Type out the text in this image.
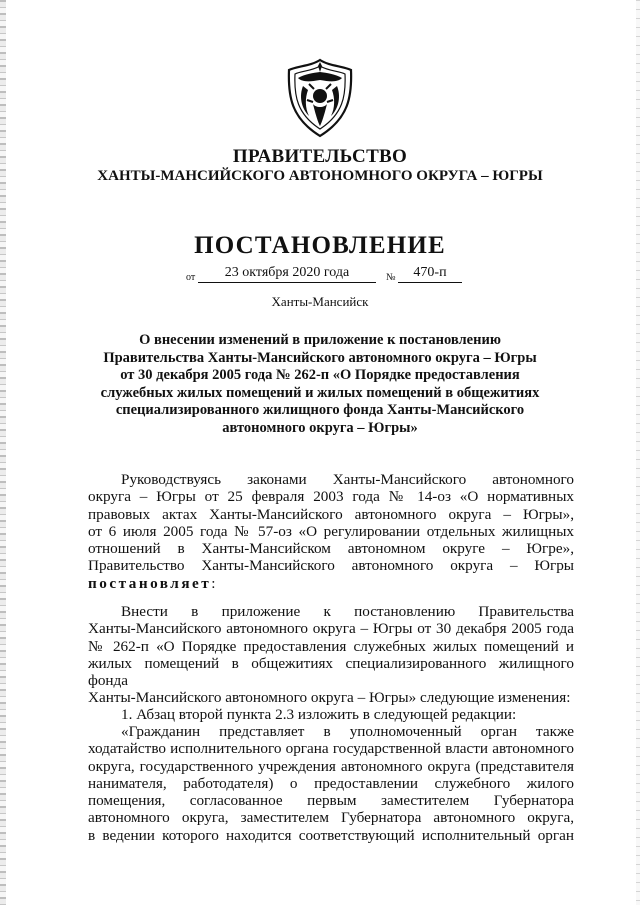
ПРАВИТЕЛЬСТВО
ХАНТЫ-МАНСИЙСКОГО АВТОНОМНОГО ОКРУГА – ЮГРЫ
ПОСТАНОВЛЕНИЕ
от	23 октября 2020 года	№	470-п
Ханты-Мансийск
О внесении изменений в приложение к постановлению
Правительства Ханты-Мансийского автономного округа – Югры
от 30 декабря 2005 года № 262-п «О Порядке предоставления
служебных жилых помещений и жилых помещений в общежитиях
специализированного жилищного фонда Ханты-Мансийского
автономного округа – Югры»

Руководствуясь законами Ханты-Мансийского автономного

округа – Югры от 25 февраля 2003 года № 14-оз «О нормативных

правовых актах Ханты-Мансийского автономного округа – Югры»,

от 6 июля 2005 года № 57-оз «О регулировании отдельных жилищных

отношений в Ханты-Мансийском автономном округе – Югре»,

Правительство Ханты-Мансийского автономного округа – Югры

постановляет:

Внести в приложение к постановлению Правительства

Ханты-Мансийского автономного округа – Югры от 30 декабря 2005 года

№ 262-п «О Порядке предоставления служебных жилых помещений и

жилых помещений в общежитиях специализированного жилищного фонда

Ханты-Мансийского автономного округа – Югры» следующие изменения:

1. Абзац второй пункта 2.3 изложить в следующей редакции:

«Гражданин представляет в уполномоченный орган также

ходатайство исполнительного органа государственной власти автономного

округа, государственного учреждения автономного округа (представителя

нанимателя, работодателя) о предоставлении служебного жилого

помещения, согласованное первым заместителем Губернатора

автономного округа, заместителем Губернатора автономного округа,

в ведении которого находится соответствующий исполнительный орган
